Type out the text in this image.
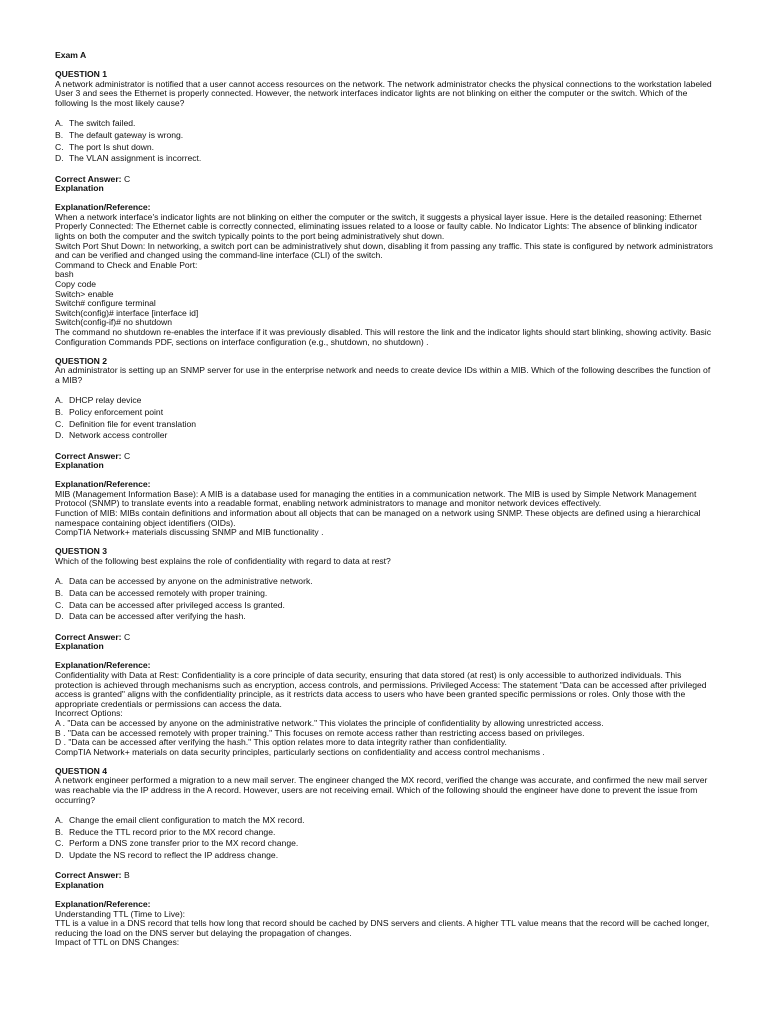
Exam A
QUESTION 1
A network administrator is notified that a user cannot access resources on the network. The network administrator checks the physical connections to the workstation labeled User 3 and sees the Ethernet is properly connected. However, the network interfaces indicator lights are not blinking on either the computer or the switch. Which of the following Is the most likely cause?
A. The switch failed.
B. The default gateway is wrong.
C. The port Is shut down.
D. The VLAN assignment is incorrect.
Correct Answer: C
Explanation
Explanation/Reference:
When a network interface's indicator lights are not blinking on either the computer or the switch, it suggests a physical layer issue. Here is the detailed reasoning: Ethernet Properly Connected: The Ethernet cable is correctly connected, eliminating issues related to a loose or faulty cable. No Indicator Lights: The absence of blinking indicator lights on both the computer and the switch typically points to the port being administratively shut down.
Switch Port Shut Down: In networking, a switch port can be administratively shut down, disabling it from passing any traffic. This state is configured by network administrators and can be verified and changed using the command-line interface (CLI) of the switch.
Command to Check and Enable Port:
bash
Copy code
Switch> enable
Switch# configure terminal
Switch(config)# interface [interface id]
Switch(config-if)# no shutdown
The command no shutdown re-enables the interface if it was previously disabled. This will restore the link and the indicator lights should start blinking, showing activity. Basic Configuration Commands PDF, sections on interface configuration (e.g., shutdown, no shutdown) .
QUESTION 2
An administrator is setting up an SNMP server for use in the enterprise network and needs to create device IDs within a MIB. Which of the following describes the function of a MIB?
A. DHCP relay device
B. Policy enforcement point
C. Definition file for event translation
D. Network access controller
Correct Answer: C
Explanation
Explanation/Reference:
MIB (Management Information Base): A MIB is a database used for managing the entities in a communication network. The MIB is used by Simple Network Management Protocol (SNMP) to translate events into a readable format, enabling network administrators to manage and monitor network devices effectively.
Function of MIB: MIBs contain definitions and information about all objects that can be managed on a network using SNMP. These objects are defined using a hierarchical namespace containing object identifiers (OIDs).
CompTIA Network+ materials discussing SNMP and MIB functionality .
QUESTION 3
Which of the following best explains the role of confidentiality with regard to data at rest?
A. Data can be accessed by anyone on the administrative network.
B. Data can be accessed remotely with proper training.
C. Data can be accessed after privileged access Is granted.
D. Data can be accessed after verifying the hash.
Correct Answer: C
Explanation
Explanation/Reference:
Confidentiality with Data at Rest: Confidentiality is a core principle of data security, ensuring that data stored (at rest) is only accessible to authorized individuals. This protection is achieved through mechanisms such as encryption, access controls, and permissions. Privileged Access: The statement "Data can be accessed after privileged access is granted" aligns with the confidentiality principle, as it restricts data access to users who have been granted specific permissions or roles. Only those with the appropriate credentials or permissions can access the data.
Incorrect Options:
A . "Data can be accessed by anyone on the administrative network." This violates the principle of confidentiality by allowing unrestricted access.
B . "Data can be accessed remotely with proper training." This focuses on remote access rather than restricting access based on privileges.
D . "Data can be accessed after verifying the hash." This option relates more to data integrity rather than confidentiality.
CompTIA Network+ materials on data security principles, particularly sections on confidentiality and access control mechanisms .
QUESTION 4
A network engineer performed a migration to a new mail server. The engineer changed the MX record, verified the change was accurate, and confirmed the new mail server was reachable via the IP address in the A record. However, users are not receiving email. Which of the following should the engineer have done to prevent the issue from occurring?
A. Change the email client configuration to match the MX record.
B. Reduce the TTL record prior to the MX record change.
C. Perform a DNS zone transfer prior to the MX record change.
D. Update the NS record to reflect the IP address change.
Correct Answer: B
Explanation
Explanation/Reference:
Understanding TTL (Time to Live):
TTL is a value in a DNS record that tells how long that record should be cached by DNS servers and clients. A higher TTL value means that the record will be cached longer, reducing the load on the DNS server but delaying the propagation of changes.
Impact of TTL on DNS Changes:
